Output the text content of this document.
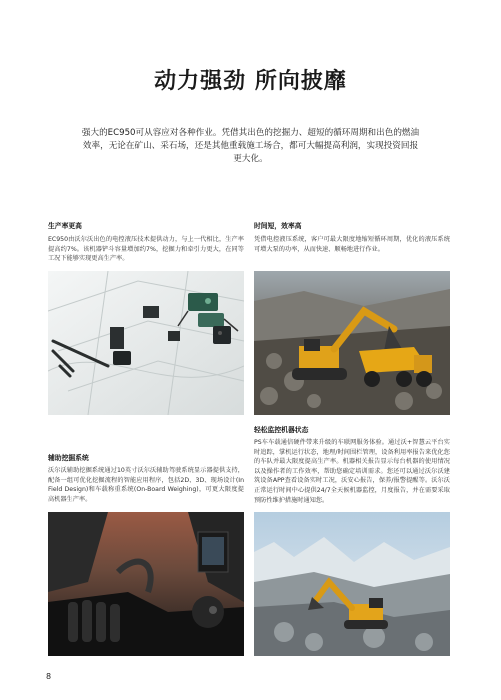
动力强劲 所向披靡

强大的EC950可从容应对各种作业。凭借其出色的挖掘力、超短的循环周期和出色的燃油效率，无论在矿山、采石场，还是其他重载施工场合，都可大幅提高利润，实现投资回报更大化。

生产率更高

EC950由沃尔沃出色的电控液压技术提供动力，与上一代相比，生产率提高约7%。该机器铲斗容量增加约7%，挖掘力和牵引力更大，在同等工况下能够实现更高生产率。

时间短，效率高

凭借电控液压系统，客户可最大限度地缩短循环周期，优化的液压系统可增大泵的功率，从而快速、顺畅地进行作业。

轻松监控机器状态

PS车车载通信硬件带来升级的车联网服务体验。通过沃+智慧云平台实时追踪，掌机运行状态，地理/时间围栏管理，设备利用率报告来优化您的车队并最大限度提高生产率。机器相关报告显示每台机器的使用情况以及操作者的工作效率，帮助您确定培训需求。您还可以通过沃尔沃建筑设备APP查看设备实时工况，沃安心报告，保养/报警提醒等。沃尔沃正常运行时间中心提供24/7全天候机器监控，月度报告，并在需要采取预防性维护措施时通知您。

辅助挖掘系统

沃尔沃辅助挖掘系统通过10英寸沃尔沃辅助驾驶系统显示器提供支持，配备一组可优化挖掘流程的智能应用程序，包括2D、3D、现场设计(In Field Design)和车载称重系统(On-Board Weighing)，可更大限度提高机器生产率。

8
